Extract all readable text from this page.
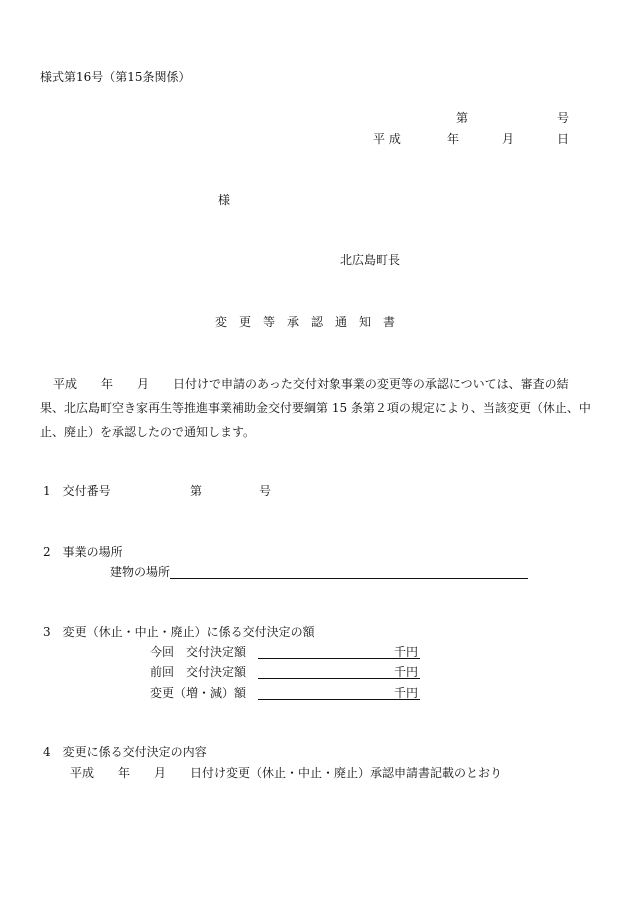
様式第16号（第15条関係）
第	号
平 成	年	月	日
様
北広島町長
変　更　等　承　認　通　知　書
平成　　年　　月　　日付けで申請のあった交付対象事業の変更等の承認については、審査の結果、北広島町空き家再生等推進事業補助金交付要綱第 15 条第２項の規定により、当該変更（休止、中止、廃止）を承認したので通知します。
1　交付番号	第	号
2　事業の場所
建物の場所
3　変更（休止・中止・廃止）に係る交付決定の額
今回　交付決定額	千円
前回　交付決定額	千円
変更（増・減）額	千円
4　変更に係る交付決定の内容
平成　　年　　月　　日付け変更（休止・中止・廃止）承認申請書記載のとおり
